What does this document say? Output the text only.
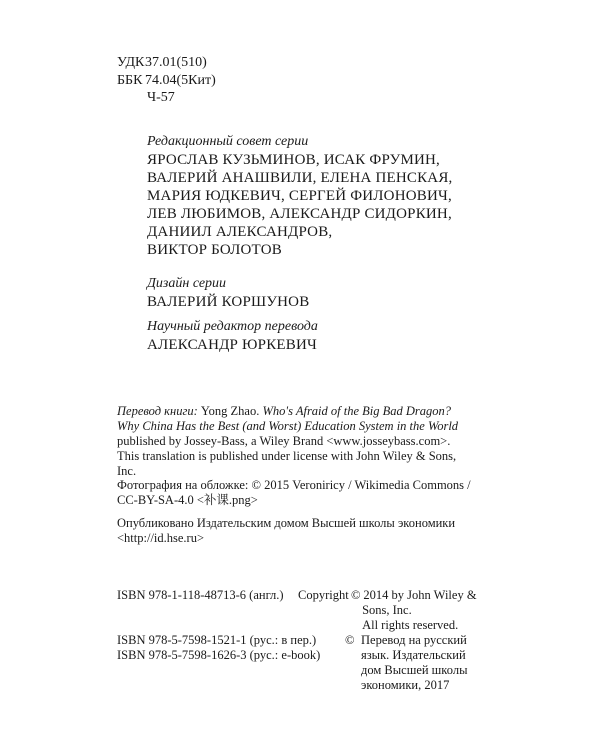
УДК 37.01(510)
ББК 74.04(5Кит)
Ч-57
Редакционный совет серии
ЯРОСЛАВ КУЗЬМИНОВ, ИСАК ФРУМИН,
ВАЛЕРИЙ АНАШВИЛИ, ЕЛЕНА ПЕНСКАЯ,
МАРИЯ ЮДКЕВИЧ, СЕРГЕЙ ФИЛОНОВИЧ,
ЛЕВ ЛЮБИМОВ, АЛЕКСАНДР СИДОРКИН,
ДАНИИЛ АЛЕКСАНДРОВ,
ВИКТОР БОЛОТОВ
Дизайн серии
ВАЛЕРИЙ КОРШУНОВ
Научный редактор перевода
АЛЕКСАНДР ЮРКЕВИЧ
Перевод книги: Yong Zhao. Who's Afraid of the Big Bad Dragon?
Why China Has the Best (and Worst) Education System in the World
published by Jossey-Bass, a Wiley Brand <www.josseybass.com>.
This translation is published under license with John Wiley & Sons,
Inc.
Фотография на обложке: © 2015 Veroniricy / Wikimedia Commons /
CC-BY-SA-4.0 <补课.png>
Опубликовано Издательским домом Высшей школы экономики
<http://id.hse.ru>
ISBN 978-1-118-48713-6 (англ.)
ISBN 978-5-7598-1521-1 (рус.: в пер.)
ISBN 978-5-7598-1626-3 (рус.: e-book)
Copyright © 2014 by John Wiley &
Sons, Inc.
All rights reserved.
© Перевод на русский
язык. Издательский
дом Высшей школы
экономики, 2017
